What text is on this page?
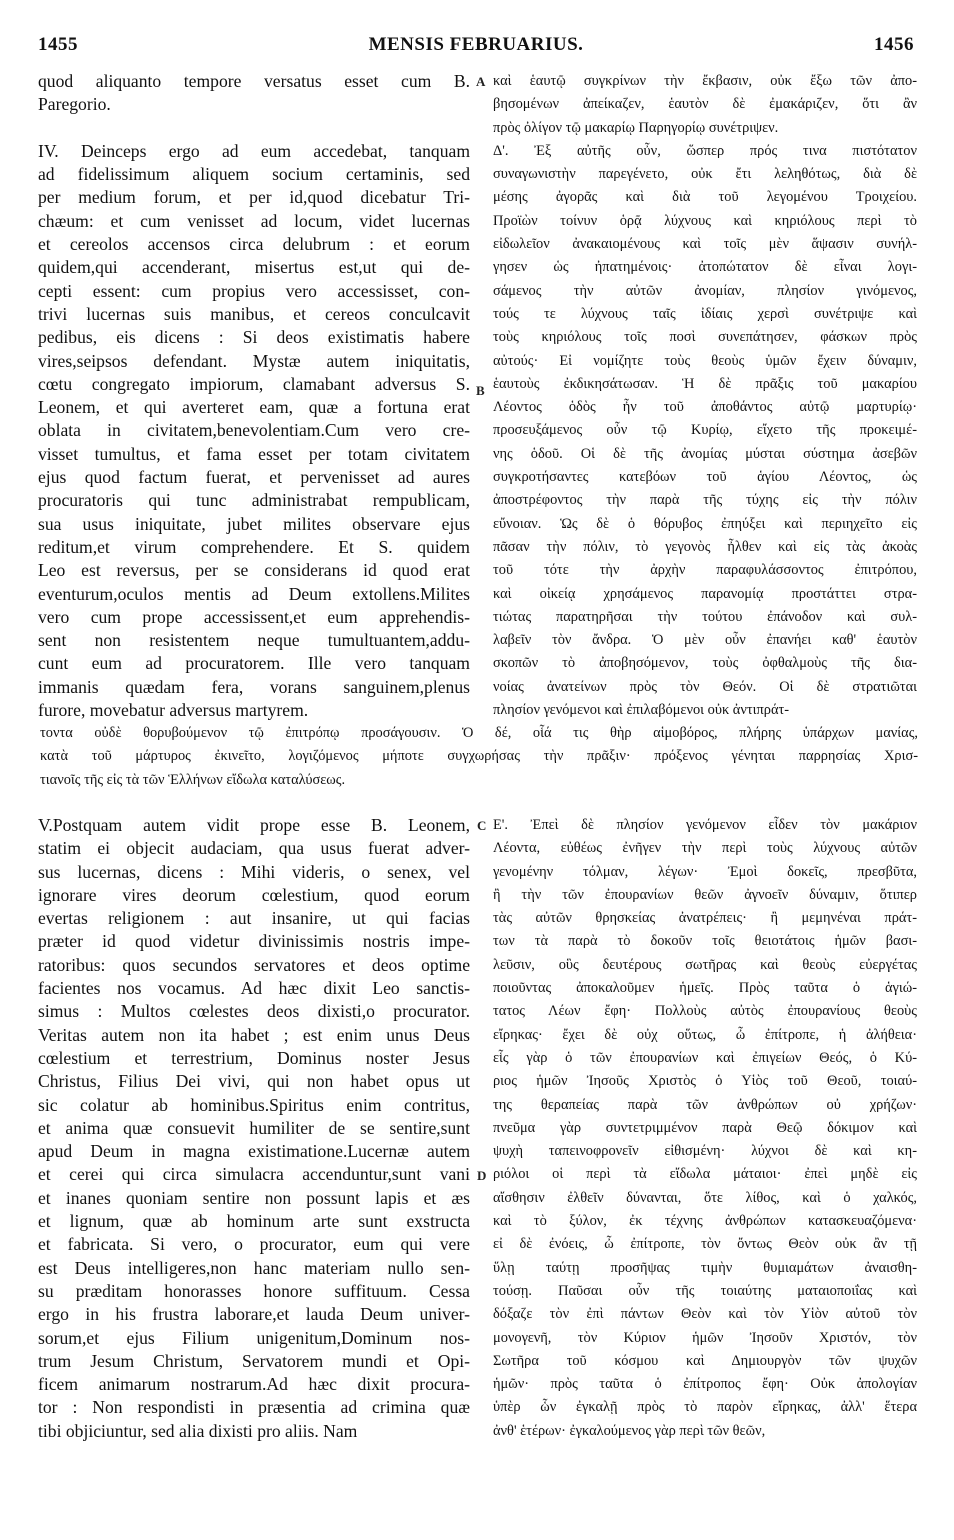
1455	MENSIS FEBRUARIUS.	1456
quod aliquanto tempore versatus esset cum B.
Paregorio.
IV. Deinceps ergo ad eum accedebat, tanquam
ad fidelissimum aliquem socium certaminis, sed
per medium forum, et per id,quod dicebatur Tri-
chæum: et cum venisset ad locum, videt lucernas
et cereolos accensos circa delubrum : et eorum
quidem,qui accenderant, misertus est,ut qui de-
cepti essent: cum propius vero accessisset, con-
trivi lucernas suis manibus, et cereos conculcavit
pedibus, eis dicens : Si deos existimatis habere
vires,seipsos defendant. Mystæ autem iniquitatis,
cœtu congregato impiorum, clamabant adversus S.
Leonem, et qui averteret eam, quæ a fortuna erat
oblata in civitatem,benevolentiam.Cum vero cre-
visset tumultus, et fama esset per totam civitatem
ejus quod factum fuerat, et pervenisset ad aures
procuratoris qui tunc administrabat rempublicam,
sua usus iniquitate, jubet milites observare ejus
reditum,et virum comprehendere. Et S. quidem
Leo est reversus, per se considerans id quod erat
eventurum,oculos mentis ad Deum extollens.Milites
vero cum prope accessissent,et eum apprehendis-
sent non resistentem neque tumultuantem,addu-
cunt eum ad procuratorem. Ille vero tanquam
immanis quædam fera, vorans sanguinem,plenus
furore, movebatur adversus martyrem.
καὶ ἑαυτῷ συγκρίνων τὴν ἔκβασιν, οὐκ ἔξω τῶν ἀπο-
βησομένων ἀπείκαζεν, ἑαυτὸν δὲ ἐμακάριζεν, ὅτι ἂν
πρὸς ὀλίγον τῷ μακαρίῳ Παρηγορίῳ συνέτριψεν.
Δ'. Ἐξ αὐτῆς οὖν, ὥσπερ πρός τινα πιστότατον
συναγωνιστὴν παρεγένετο, οὐκ ἔτι λεληθότως, διὰ δὲ
μέσης ἀγορᾶς καὶ διὰ τοῦ λεγομένου Τροιχείου.
Προϊὼν τοίνυν ὁρᾷ λύχνους καὶ κηριόλους περὶ τὸ
εἰδωλεῖον ἀνακαιομένους καὶ τοῖς μὲν ἅψασιν συνήλ-
γησεν ὡς ἠπατημένοις· ἀτοπώτατον δὲ εἶναι λογι-
σάμενος τὴν αὐτῶν ἀνομίαν, πλησίον γινόμενος,
τούς τε λύχνους ταῖς ἰδίαις χερσὶ συνέτριψε καὶ
τοὺς κηριόλους τοῖς ποσὶ συνεπάτησεν, φάσκων πρὸς
αὐτούς· Εἰ νομίζητε τοὺς θεοὺς ὑμῶν ἔχειν δύναμιν,
ἑαυτοὺς ἐκδικησάτωσαν. Ἡ δὲ πρᾶξις τοῦ μακαρίου
Λέοντος ὁδὸς ἦν τοῦ ἀποθάντος αὐτῷ μαρτυρίῳ·
προσευξάμενος οὖν τῷ Κυρίῳ, εἴχετο τῆς προκειμέ-
νης ὁδοῦ. Οἱ δὲ τῆς ἀνομίας μύσται σύστημα ἀσεβῶν
συγκροτήσαντες κατεβόων τοῦ ἁγίου Λέοντος, ὡς
ἀποστρέφοντος τὴν παρὰ τῆς τύχης εἰς τὴν πόλιν
εὔνοιαν. Ὡς δὲ ὁ θόρυβος ἐπηύξει καὶ περιηχεῖτο εἰς
πᾶσαν τὴν πόλιν, τὸ γεγονὸς ἦλθεν καὶ εἰς τὰς ἀκοὰς
τοῦ τότε τὴν ἀρχὴν παραφυλάσσοντος ἐπιτρόπου,
καὶ οἰκείᾳ χρησάμενος παρανομίᾳ προστάττει στρα-
τιώτας παρατηρῆσαι τὴν τούτου ἐπάνοδον καὶ συλ-
λαβεῖν τὸν ἄνδρα. Ὁ μὲν οὖν ἐπανήει καθ' ἑαυτὸν
σκοπῶν τὸ ἀποβησόμενον, τοὺς ὀφθαλμοὺς τῆς δια-
νοίας ἀνατείνων πρὸς τὸν Θεόν. Οἱ δὲ στρατιῶται
πλησίον γενόμενοι καὶ ἐπιλαβόμενοι οὐκ ἀντιπράτ-
τοντα οὐδὲ θορυβούμενον τῷ ἐπιτρόπῳ προσάγουσιν. Ὁ δέ, οἷά τις θὴρ αἱμοβόρος, πλήρης ὑπάρχων μανίας,
κατὰ τοῦ μάρτυρος ἐκινεῖτο, λογιζόμενος μήποτε συγχωρήσας τὴν πρᾶξιν· πρόξενος γένηται παρρησίας Χρισ-
τιανοῖς τῆς εἰς τὰ τῶν Ἑλλήνων εἴδωλα καταλύσεως.
V.Postquam autem vidit prope esse B. Leonem,
statim ei objecit audaciam, qua usus fuerat adver-
sus lucernas, dicens : Mihi videris, o senex, vel
ignorare vires deorum cœlestium, quod eorum
evertas religionem : aut insanire, ut qui facias
præter id quod videtur divinissimis nostris impe-
ratoribus: quos secundos servatores et deos optime
facientes nos vocamus. Ad hæc dixit Leo sanctis-
simus : Multos cœlestes deos dixisti,o procurator.
Veritas autem non ita habet ; est enim unus Deus
cœlestium et terrestrium, Dominus noster Jesus
Christus, Filius Dei vivi, qui non habet opus ut
sic colatur ab hominibus.Spiritus enim contritus,
et anima quæ consuevit humiliter de se sentire,sunt
apud Deum in magna existimatione.Lucernæ autem
et cerei qui circa simulacra accenduntur,sunt vani
et inanes quoniam sentire non possunt lapis et æs
et lignum, quæ ab hominum arte sunt exstructa
et fabricata. Si vero, o procurator, eum qui vere
est Deus intelligeres,non hanc materiam nullo sen-
su præditam honorasses honore suffituum. Cessa
ergo in his frustra laborare,et lauda Deum univer-
sorum,et ejus Filium unigenitum,Dominum nos-
trum Jesum Christum, Servatorem mundi et Opi-
ficem animarum nostrarum.Ad hæc dixit procura-
tor : Non respondisti in præsentia ad crimina quæ
tibi objiciuntur, sed alia dixisti pro aliis. Nam
Ε'. Ἐπεὶ δὲ πλησίον γενόμενον εἶδεν τὸν μακάριον
Λέοντα, εὐθέως ἐνῆγεν τὴν περὶ τοὺς λύχνους αὐτῶν
γενομένην τόλμαν, λέγων· Ἐμοὶ δοκεῖς, πρεσβῦτα,
ἢ τὴν τῶν ἐπουρανίων θεῶν ἀγνοεῖν δύναμιν, ὅτιπερ
τὰς αὐτῶν θρησκείας ἀνατρέπεις· ἢ μεμηνέναι πράτ-
των τὰ παρὰ τὸ δοκοῦν τοῖς θειοτάτοις ἡμῶν βασι-
λεῦσιν, οὓς δευτέρους σωτῆρας καὶ θεοὺς εὐεργέτας
ποιοῦντας ἀποκαλοῦμεν ἡμεῖς. Πρὸς ταῦτα ὁ ἁγιώ-
τατος Λέων ἔφη· Πολλοὺς αὐτὸς ἐπουρανίους θεοὺς
εἴρηκας· ἔχει δὲ οὐχ οὕτως, ὦ ἐπίτροπε, ἡ ἀλήθεια·
εἷς γὰρ ὁ τῶν ἐπουρανίων καὶ ἐπιγείων Θεός, ὁ Κύ-
ριος ἡμῶν Ἰησοῦς Χριστὸς ὁ Υἱὸς τοῦ Θεοῦ, τοιαύ-
της θεραπείας παρὰ τῶν ἀνθρώπων οὐ χρήζων·
πνεῦμα γὰρ συντετριμμένον παρὰ Θεῷ δόκιμον καὶ
ψυχὴ ταπεινοφρονεῖν εἰθισμένη· λύχνοι δὲ καὶ κη-
ριόλοι οἱ περὶ τὰ εἴδωλα μάταιοι· ἐπεὶ μηδὲ εἰς
αἴσθησιν ἐλθεῖν δύνανται, ὅτε λίθος, καὶ ὁ χαλκός,
καὶ τὸ ξύλον, ἐκ τέχνης ἀνθρώπων κατασκευαζόμενα·
εἰ δὲ ἐνόεις, ὦ ἐπίτροπε, τὸν ὄντως Θεὸν οὐκ ἂν τῇ
ὕλῃ ταύτῃ προσῆψας τιμὴν θυμιαμάτων ἀναισθη-
τούσῃ. Παῦσαι οὖν τῆς τοιαύτης ματαιοποιΐας καὶ
δόξαζε τὸν ἐπὶ πάντων Θεὸν καὶ τὸν Υἱὸν αὐτοῦ τὸν
μονογενῆ, τὸν Κύριον ἡμῶν Ἰησοῦν Χριστόν, τὸν
Σωτῆρα τοῦ κόσμου καὶ Δημιουργὸν τῶν ψυχῶν
ἡμῶν· πρὸς ταῦτα ὁ ἐπίτροπος ἔφη· Οὐκ ἀπολογίαν
ὑπὲρ ὧν ἐγκαλῇ πρὸς τὸ παρὸν εἴρηκας, ἀλλ' ἕτερα
ἀνθ' ἑτέρων· ἐγκαλούμενος γὰρ περὶ τῶν θεῶν,
A
B
C
D
